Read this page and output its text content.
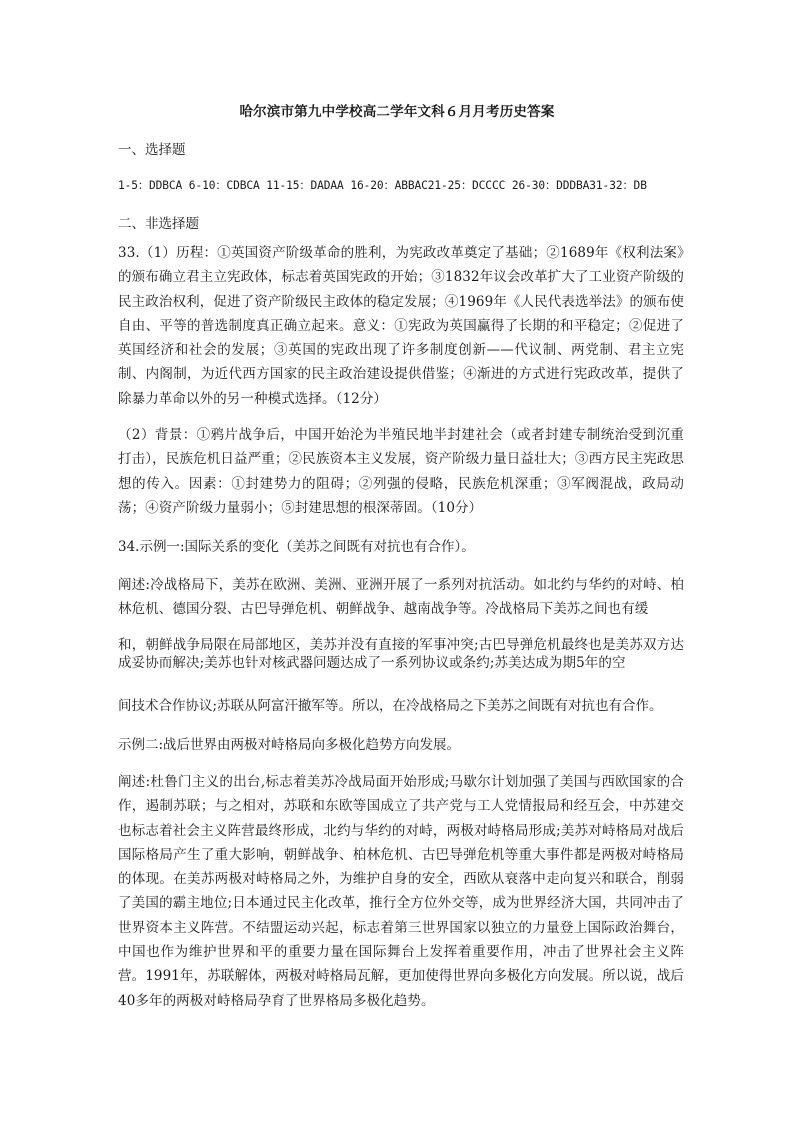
哈尔滨市第九中学校高二学年文科６月月考历史答案
一、选择题
1-5：DDBCA 6-10：CDBCA 11-15：DADAA 16-20：ABBAC21-25：DCCCC 26-30：DDDBA31-32：DB
二、非选择题
33.（1）历程：①英国资产阶级革命的胜利，为宪政改革奠定了基础；②1689年《权利法案》的颁布确立君主立宪政体，标志着英国宪政的开始；③1832年议会改革扩大了工业资产阶级的民主政治权利，促进了资产阶级民主政体的稳定发展；④1969年《人民代表选举法》的颁布使自由、平等的普选制度真正确立起来。意义：①宪政为英国赢得了长期的和平稳定；②促进了英国经济和社会的发展；③英国的宪政出现了许多制度创新——代议制、两党制、君主立宪制、内阁制，为近代西方国家的民主政治建设提供借鉴；④渐进的方式进行宪政改革，提供了除暴力革命以外的另一种模式选择。（12分）
（2）背景：①鸦片战争后，中国开始沦为半殖民地半封建社会（或者封建专制统治受到沉重打击），民族危机日益严重；②民族资本主义发展，资产阶级力量日益壮大；③西方民主宪政思想的传入。因素：①封建势力的阻碍；②列强的侵略，民族危机深重；③军阀混战，政局动荡；④资产阶级力量弱小；⑤封建思想的根深蒂固。（10分）
34.示例一:国际关系的变化（美苏之间既有对抗也有合作）。
阐述:冷战格局下，美苏在欧洲、美洲、亚洲开展了一系列对抗活动。如北约与华约的对峙、柏林危机、德国分裂、古巴导弹危机、朝鲜战争、越南战争等。冷战格局下美苏之间也有缓
和，朝鲜战争局限在局部地区，美苏并没有直接的军事冲突;古巴导弹危机最终也是美苏双方达成妥协而解决;美苏也针对核武器问题达成了一系列协议或条约;苏美达成为期5年的空
间技术合作协议;苏联从阿富汗撤军等。所以，在冷战格局之下美苏之间既有对抗也有合作。
示例二:战后世界由两极对峙格局向多极化趋势方向发展。
阐述:杜鲁门主义的出台,标志着美苏冷战局面开始形成;马歇尔计划加强了美国与西欧国家的合作，遏制苏联；与之相对，苏联和东欧等国成立了共产党与工人党情报局和经互会，中苏建交也标志着社会主义阵营最终形成，北约与华约的对峙，两极对峙格局形成;美苏对峙格局对战后国际格局产生了重大影响，朝鲜战争、柏林危机、古巴导弹危机等重大事件都是两极对峙格局的体现。在美苏两极对峙格局之外，为维护自身的安全，西欧从衰落中走向复兴和联合，削弱了美国的霸主地位;日本通过民主化改革，推行全方位外交等，成为世界经济大国，共同冲击了世界资本主义阵营。不结盟运动兴起，标志着第三世界国家以独立的力量登上国际政治舞台，中国也作为维护世界和平的重要力量在国际舞台上发挥着重要作用，冲击了世界社会主义阵营。1991年，苏联解体，两极对峙格局瓦解，更加使得世界向多极化方向发展。所以说，战后40多年的两极对峙格局孕育了世界格局多极化趋势。
